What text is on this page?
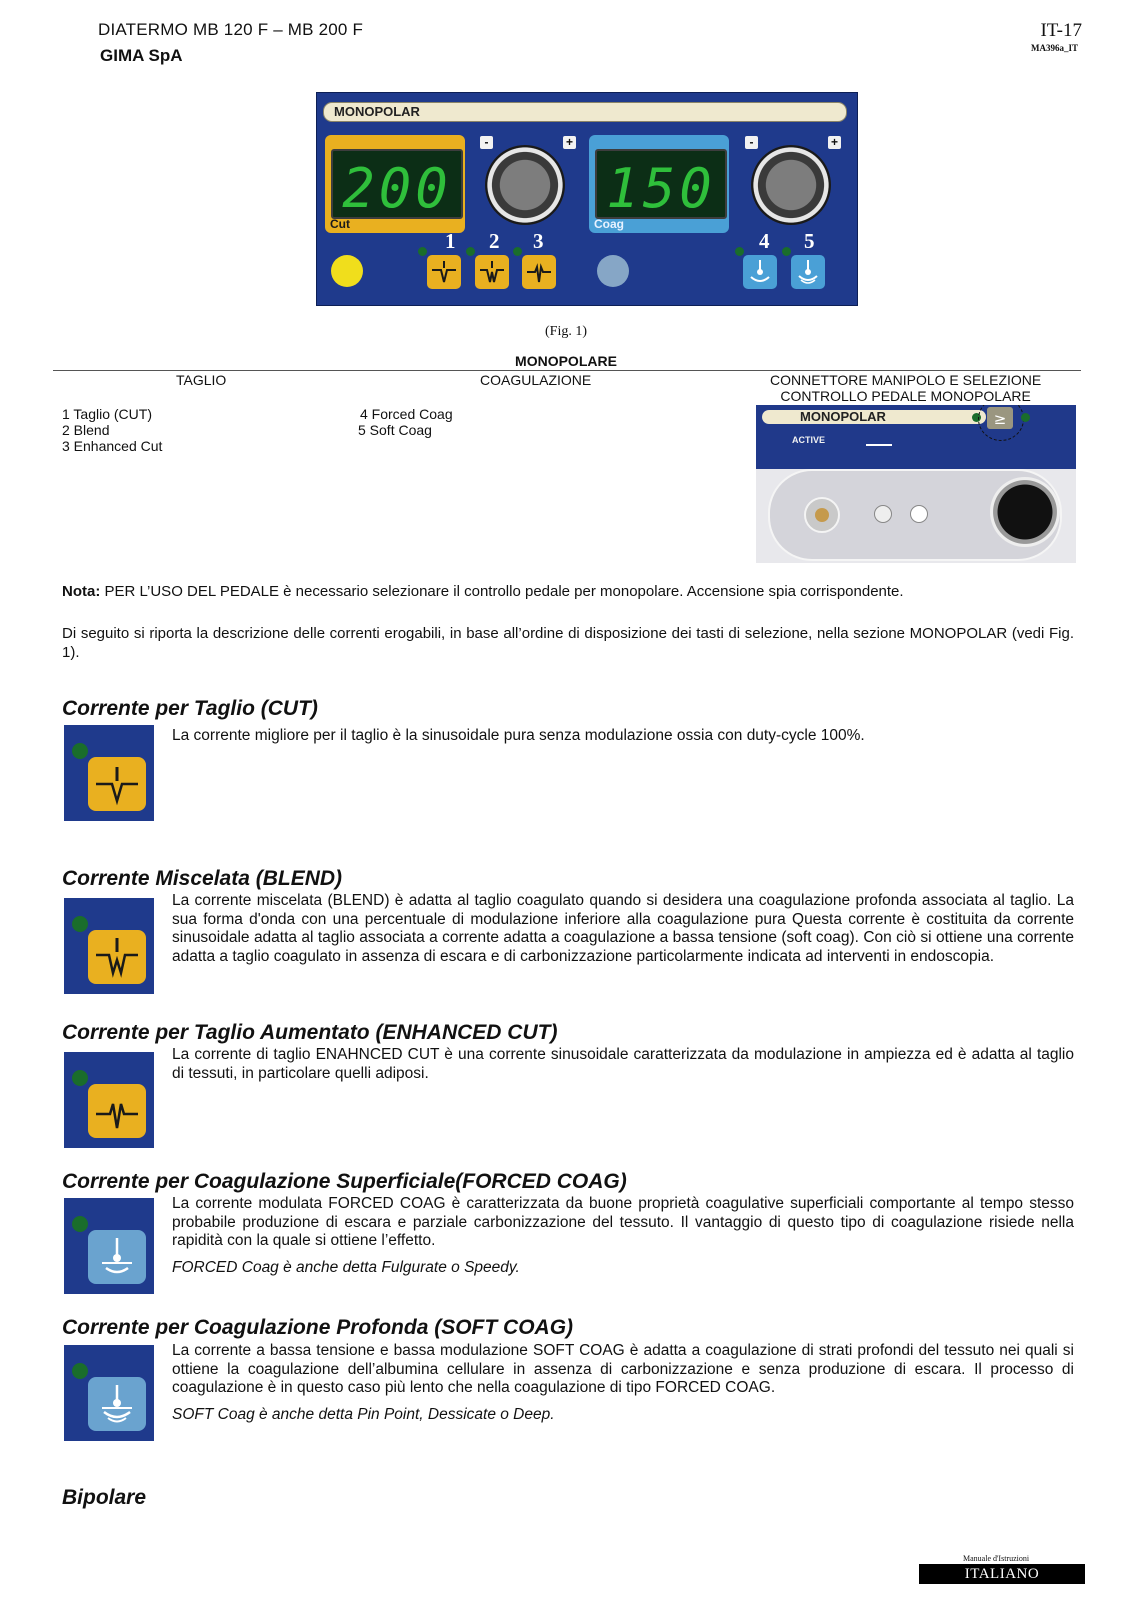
DIATERMO MB 120 F – MB 200 F
GIMA SpA
IT-17
MA396a_IT
MONOPOLAR
200
Cut
-	+
150
Coag
-	+
1 2 3	4 5
(Fig. 1)
MONOPOLARE
TAGLIO	COAGULAZIONE	CONNETTORE MANIPOLO E SELEZIONE
CONTROLLO PEDALE MONOPOLARE
1 Taglio (CUT)
2 Blend
3 Enhanced Cut
4 Forced Coag
5 Soft Coag
MONOPOLAR	≥
ACTIVE
Nota: PER L’USO DEL PEDALE è necessario selezionare il controllo pedale per monopolare. Accensione spia corrispondente.
Di seguito si riporta la descrizione delle correnti erogabili, in base all’ordine di disposizione dei tasti di selezione, nella sezione MONOPOLAR (vedi Fig. 1).
Corrente per Taglio (CUT)
La corrente migliore per il taglio è la sinusoidale pura senza modulazione ossia con duty-cycle 100%.
Corrente Miscelata (BLEND)
La corrente miscelata (BLEND) è adatta al taglio coagulato quando si desidera una coagulazione profonda associata al taglio. La sua forma d'onda con una percentuale di modulazione inferiore alla coagulazione pura Questa corrente è costituita da corrente sinusoidale adatta al taglio associata a corrente adatta a coagulazione a bassa tensione (soft coag). Con ciò si ottiene una corrente adatta a taglio coagulato in assenza di escara e di carbonizzazione particolarmente indicata ad interventi in endoscopia.
Corrente per Taglio Aumentato (ENHANCED CUT)
La corrente di taglio ENAHNCED CUT è una corrente sinusoidale caratterizzata da modulazione in ampiezza ed è adatta al taglio di tessuti, in particolare quelli adiposi.
Corrente per Coagulazione Superficiale(FORCED COAG)
La corrente modulata FORCED COAG è caratterizzata da buone proprietà coagulative superficiali comportante al tempo stesso probabile produzione di escara e parziale carbonizzazione del tessuto. Il vantaggio di questo tipo di coagulazione risiede nella rapidità con la quale si ottiene l’effetto.
FORCED Coag è anche detta Fulgurate o Speedy.
Corrente per Coagulazione Profonda (SOFT COAG)
La corrente a bassa tensione e bassa modulazione SOFT COAG è adatta a coagulazione di strati profondi del tessuto nei quali si ottiene la coagulazione dell’albumina cellulare in assenza di carbonizzazione e senza produzione di escara. Il processo di coagulazione è in questo caso più lento che nella coagulazione di tipo FORCED COAG.
SOFT Coag è anche detta Pin Point, Dessicate o Deep.
Bipolare
Manuale d'Istruzioni
ITALIANO
